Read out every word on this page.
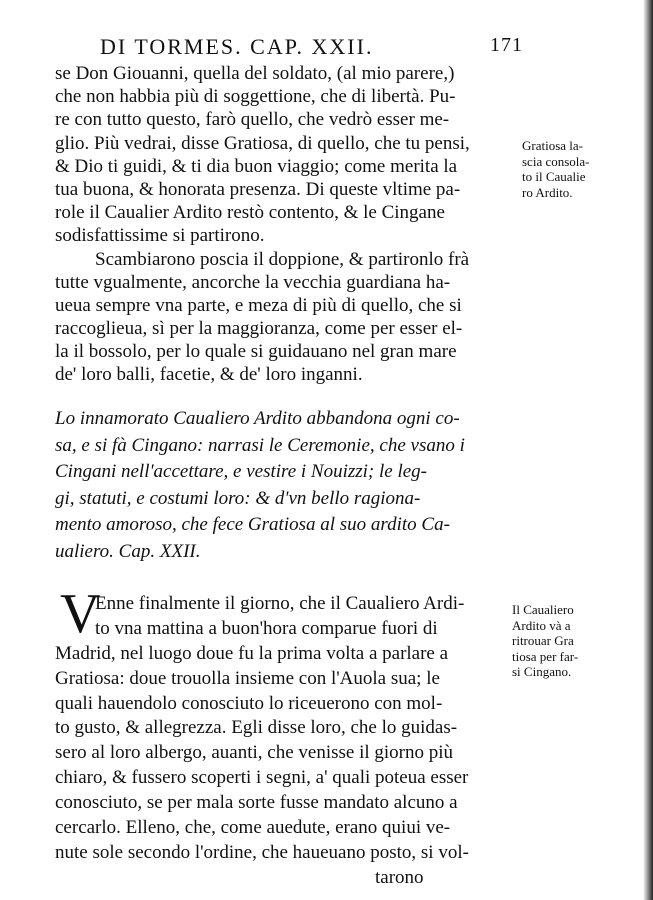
DI TORMES. CAP. XXII.	171
se Don Giouanni, quella del soldato, (al mio parere,)
che non habbia più di soggettione, che di libertà. Pu-
re con tutto questo, farò quello, che vedrò esser me-
glio. Più vedrai, disse Gratiosa, di quello, che tu pensi,
& Dio ti guidi, & ti dia buon viaggio; come merita la
tua buona, & honorata presenza. Di queste vltime pa-
role il Caualier Ardito restò contento, & le Cingane
sodisfattissime si partirono.
Scambiarono poscia il doppione, & partironlo frà
tutte vgualmente, ancorche la vecchia guardiana ha-
ueua sempre vna parte, e meza di più di quello, che si
raccoglieua, sì per la maggioranza, come per esser el-
la il bossolo, per lo quale si guidauano nel gran mare
de' loro balli, facetie, & de' loro inganni.
Gratiosa la-
scia consola-
to il Caualie
ro Ardito.
Lo innamorato Caualiero Ardito abbandona ogni co-
sa, e si fà Cingano: narrasi le Ceremonie, che vsano i
Cingani nell'accettare, e vestire i Nouizzi; le leg-
gi, statuti, e costumi loro: & d'vn bello ragiona-
mento amoroso, che fece Gratiosa al suo ardito Ca-
ualiero. Cap. XXII.
V
Enne finalmente il giorno, che il Caualiero Ardi-
to vna mattina a buon'hora comparue fuori di
Madrid, nel luogo doue fu la prima volta a parlare a
Gratiosa: doue trouolla insieme con l'Auola sua; le
quali hauendolo conosciuto lo riceuerono con mol-
to gusto, & allegrezza. Egli disse loro, che lo guidas-
sero al loro albergo, auanti, che venisse il giorno più
chiaro, & fussero scoperti i segni, a' quali poteua esser
conosciuto, se per mala sorte fusse mandato alcuno a
cercarlo. Elleno, che, come auedute, erano quiui ve-
nute sole secondo l'ordine, che haueuano posto, si vol-
tarono
Il Caualiero
Ardito và a
ritrouar Gra
tiosa per far-
si Cingano.
